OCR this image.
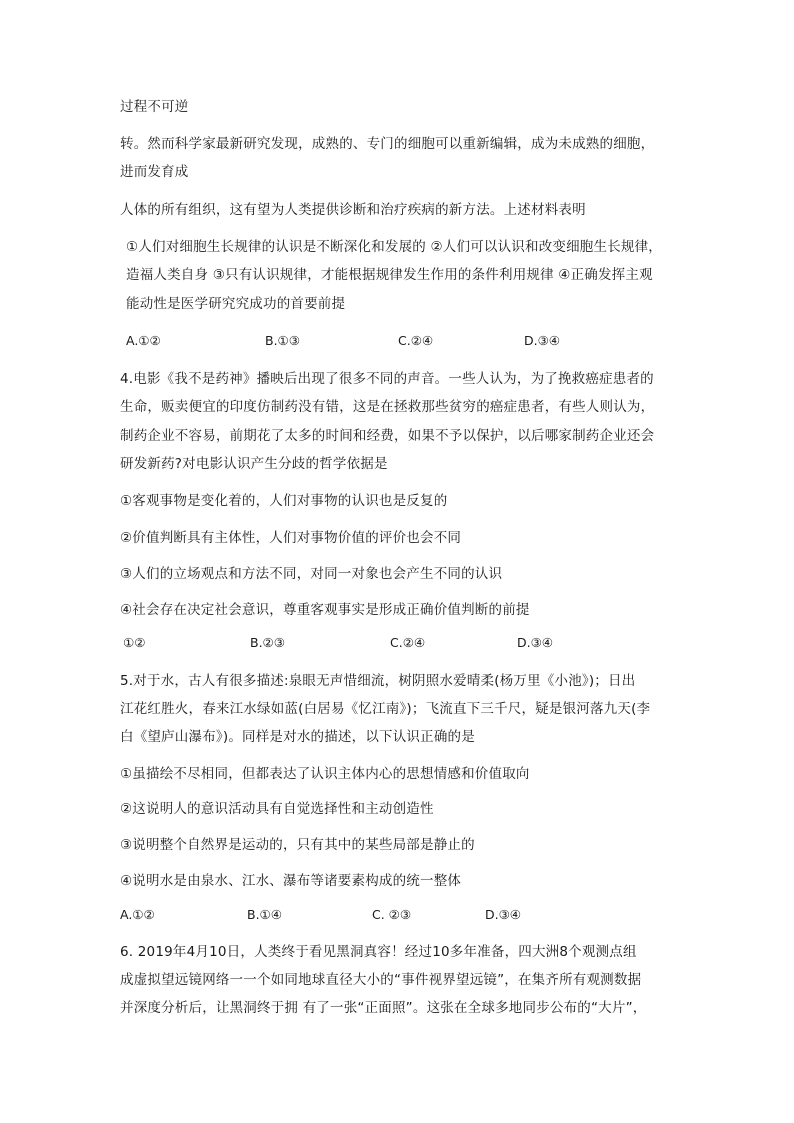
过程不可逆
转。然而科学家最新研究发现，成熟的、专门的细胞可以重新编辑，成为未成熟的细胞，
进而发育成
人体的所有组织，这有望为人类提供诊断和治疗疾病的新方法。上述材料表明
①人们对细胞生长规律的认识是不断深化和发展的 ②人们可以认识和改变细胞生长规律，
造福人类自身 ③只有认识规律，才能根据规律发生作用的条件利用规律 ④正确发挥主观
能动性是医学研究究成功的首要前提
A.①②	B.①③	C.②④	D.③④
4.电影《我不是药神》播映后出现了很多不同的声音。一些人认为，为了挽救癌症患者的
生命，贩卖便宜的印度仿制药没有错，这是在拯救那些贫穷的癌症患者，有些人则认为，
制药企业不容易，前期花了太多的时间和经费，如果不予以保护，以后哪家制药企业还会
研发新药?对电影认识产生分歧的哲学依据是
①客观事物是变化着的，人们对事物的认识也是反复的
②价值判断具有主体性，人们对事物价值的评价也会不同
③人们的立场观点和方法不同，对同一对象也会产生不同的认识
④社会存在决定社会意识，尊重客观事实是形成正确价值判断的前提
①②	B.②③	C.②④	D.③④
5.对于水，古人有很多描述:泉眼无声惜细流，树阴照水爱晴柔(杨万里《小池》)；日出
江花红胜火，春来江水绿如蓝(白居易《忆江南》)；飞流直下三千尺，疑是银河落九天(李
白《望庐山瀑布》)。同样是对水的描述，以下认识正确的是
①虽描绘不尽相同，但都表达了认识主体内心的思想情感和价值取向
②这说明人的意识活动具有自觉选择性和主动创造性
③说明整个自然界是运动的，只有其中的某些局部是静止的
④说明水是由泉水、江水、瀑布等诸要素构成的统一整体
A.①②	B.①④	C. ②③	D.③④
6. 2019年4月10日，人类终于看见黑洞真容！经过10多年准备，四大洲8个观测点组
成虚拟望远镜网络一一个如同地球直径大小的“事件视界望远镜”，在集齐所有观测数据
并深度分析后，让黑洞终于拥 有了一张“正面照”。这张在全球多地同步公布的“大片”，
